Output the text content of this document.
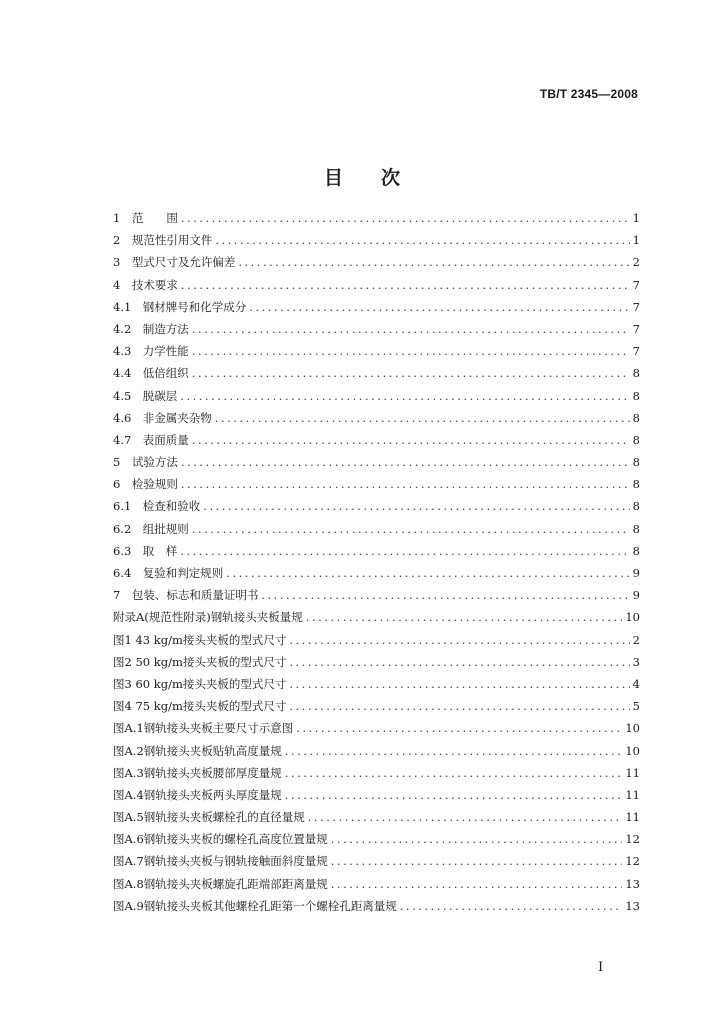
TB/T 2345—2008
目 次
1　范　　围 .....	1
2　规范性引用文件 .....	1
3　型式尺寸及允许偏差 .....	2
4　技术要求 .....	7
4.1　钢材牌号和化学成分 .....	7
4.2　制造方法 .....	7
4.3　力学性能 .....	7
4.4　低倍组织 .....	8
4.5　脱碳层 .....	8
4.6　非金属夹杂物 .....	8
4.7　表面质量 .....	8
5　试验方法 .....	8
6　检验规则 .....	8
6.1　检查和验收 .....	8
6.2　组批规则 .....	8
6.3　取　样 .....	8
6.4　复验和判定规则 .....	9
7　包装、标志和质量证明书 .....	9
附录A(规范性附录)钢轨接头夹板量规 .....	10
图1 43 kg/m接头夹板的型式尺寸 .....	2
图2 50 kg/m接头夹板的型式尺寸 .....	3
图3 60 kg/m接头夹板的型式尺寸 .....	4
图4 75 kg/m接头夹板的型式尺寸 .....	5
图A.1钢轨接头夹板主要尺寸示意图 .....	10
图A.2钢轨接头夹板贴轨高度量规 .....	10
图A.3钢轨接头夹板腰部厚度量规 .....	11
图A.4钢轨接头夹板两头厚度量规 .....	11
图A.5钢轨接头夹板螺栓孔的直径量规 .....	11
图A.6钢轨接头夹板的螺栓孔高度位置量规 .....	12
图A.7钢轨接头夹板与钢轨接触面斜度量规 .....	12
图A.8钢轨接头夹板螺旋孔距端部距离量规 .....	13
图A.9钢轨接头夹板其他螺栓孔距第一个螺栓孔距离量规 .....	13
I
